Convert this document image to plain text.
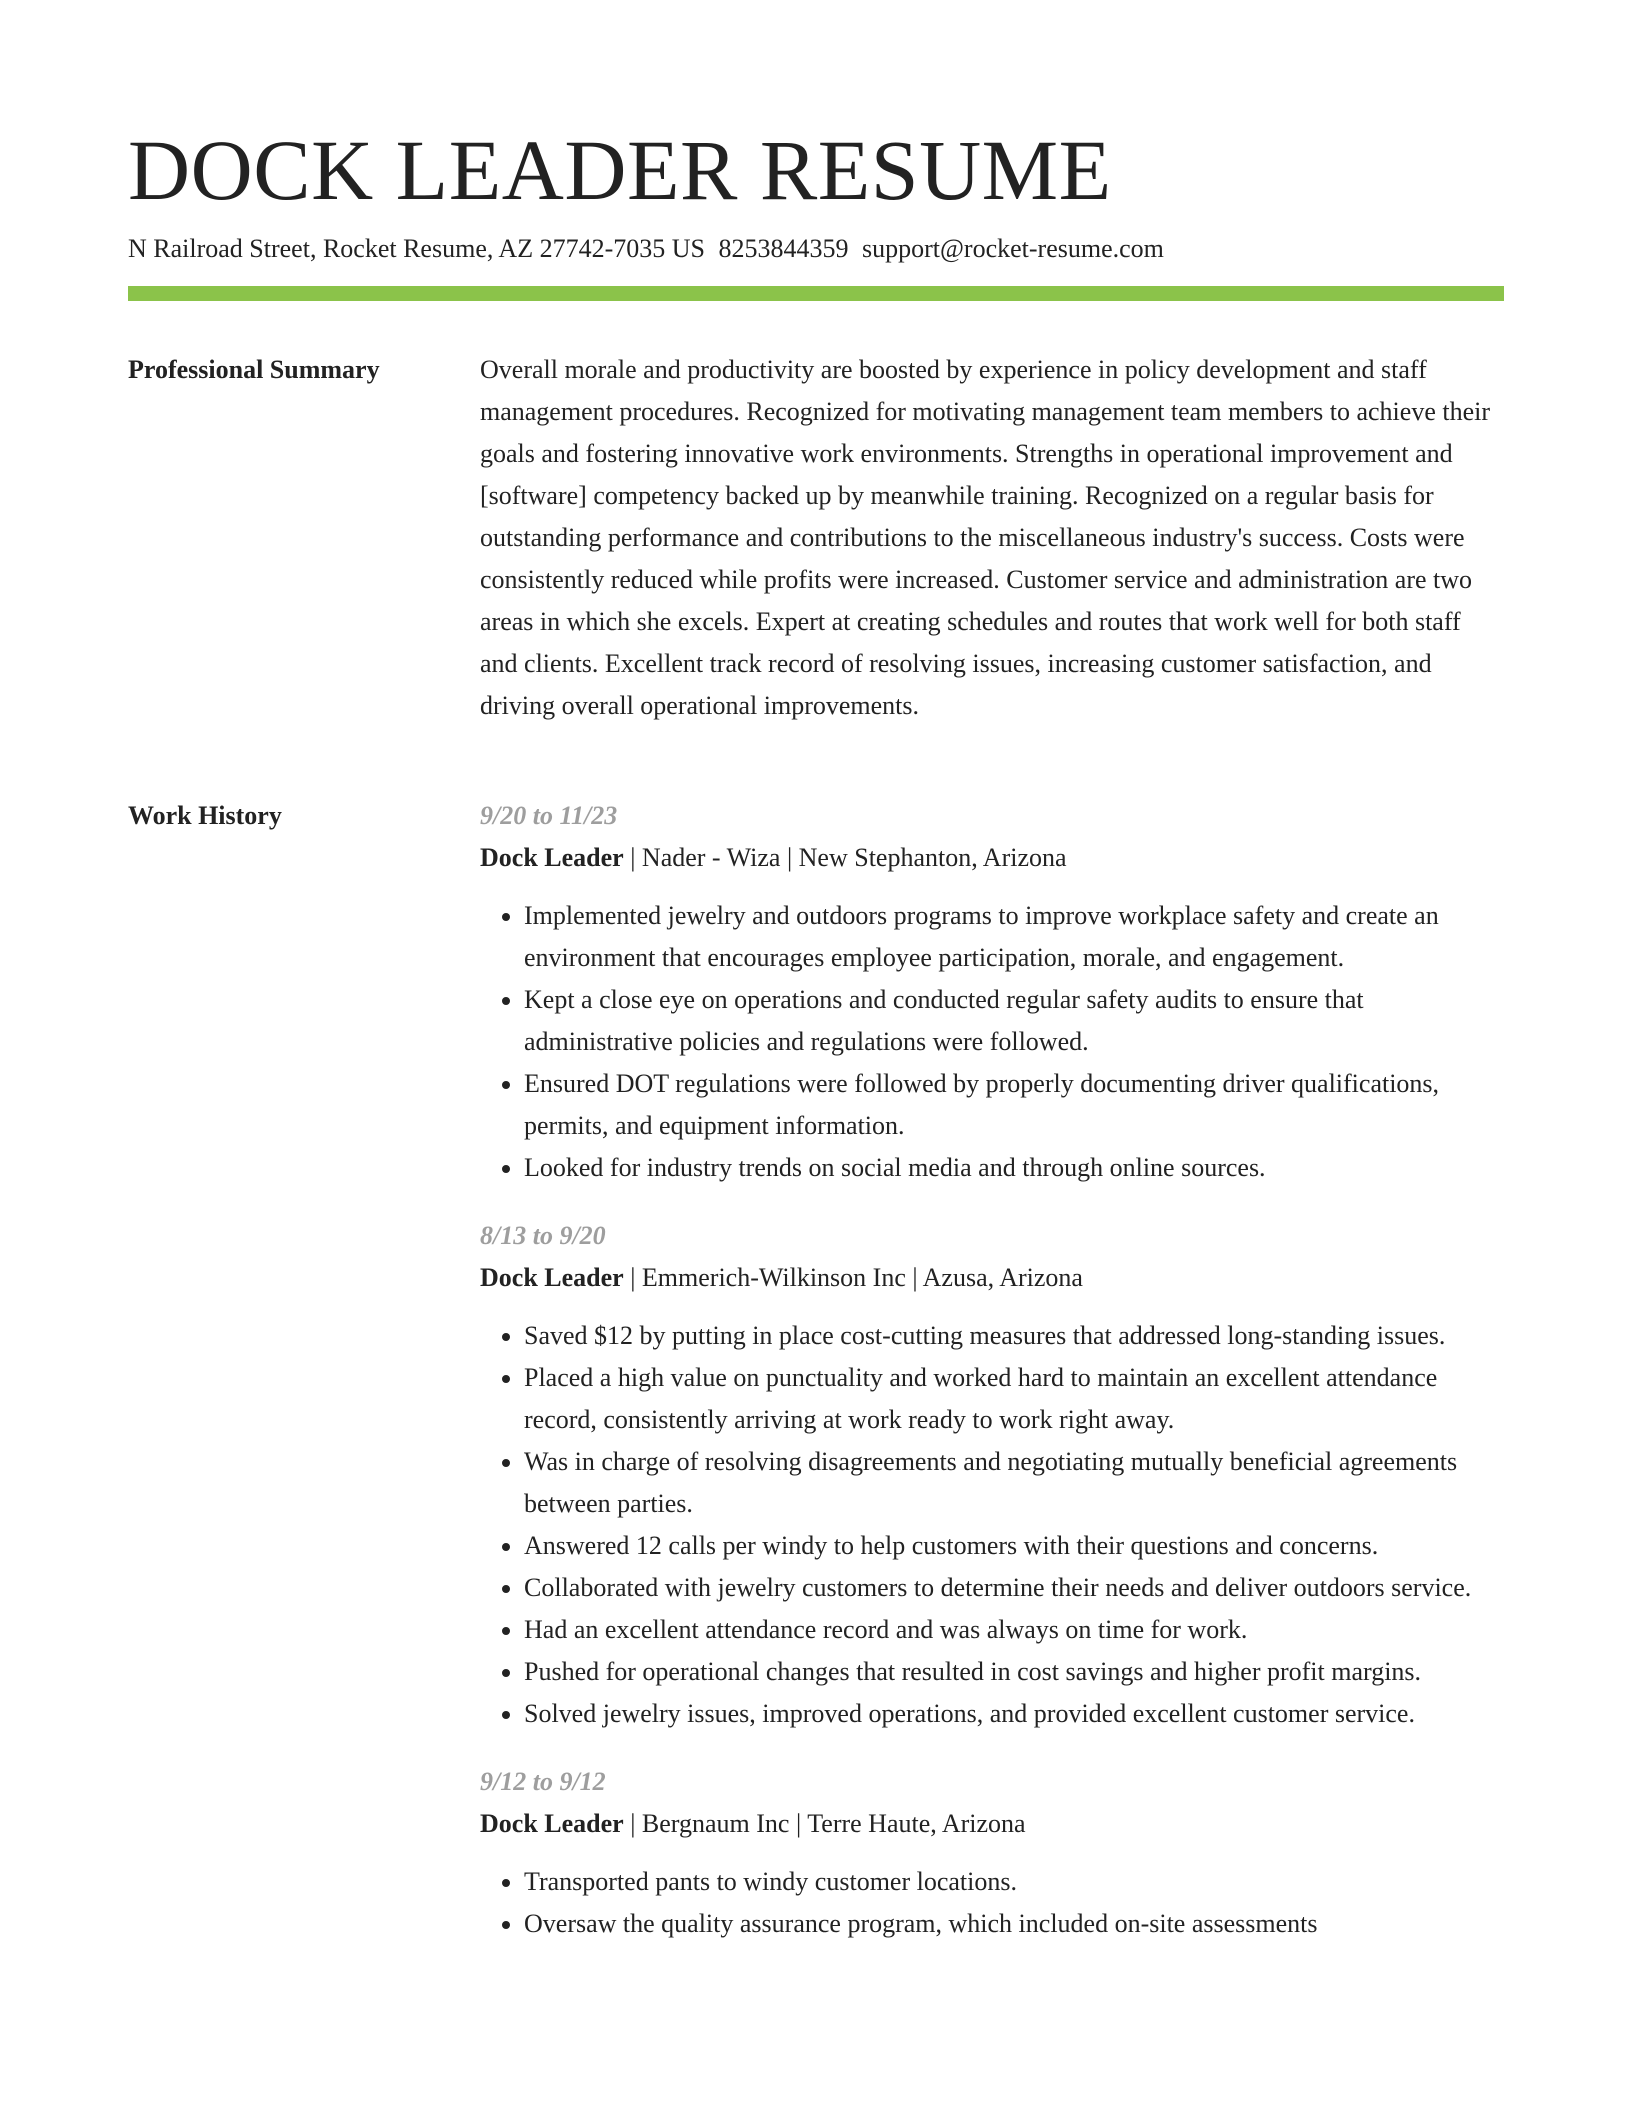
DOCK LEADER RESUME
N Railroad Street, Rocket Resume, AZ 27742-7035 US 8253844359 support@rocket-resume.com
Professional Summary	Overall morale and productivity are boosted by experience in policy development and staff management procedures. Recognized for motivating management team members to achieve their goals and fostering innovative work environments. Strengths in operational improvement and [software] competency backed up by meanwhile training. Recognized on a regular basis for outstanding performance and contributions to the miscellaneous industry's success. Costs were consistently reduced while profits were increased. Customer service and administration are two areas in which she excels. Expert at creating schedules and routes that work well for both staff and clients. Excellent track record of resolving issues, increasing customer satisfaction, and driving overall operational improvements.

Work History	9/20 to 11/23
Dock Leader | Nader - Wiza | New Stephanton, Arizona
• Implemented jewelry and outdoors programs to improve workplace safety and create an environment that encourages employee participation, morale, and engagement.
• Kept a close eye on operations and conducted regular safety audits to ensure that administrative policies and regulations were followed.
• Ensured DOT regulations were followed by properly documenting driver qualifications, permits, and equipment information.
• Looked for industry trends on social media and through online sources.
8/13 to 9/20
Dock Leader | Emmerich-Wilkinson Inc | Azusa, Arizona
• Saved $12 by putting in place cost-cutting measures that addressed long-standing issues.
• Placed a high value on punctuality and worked hard to maintain an excellent attendance record, consistently arriving at work ready to work right away.
• Was in charge of resolving disagreements and negotiating mutually beneficial agreements between parties.
• Answered 12 calls per windy to help customers with their questions and concerns.
• Collaborated with jewelry customers to determine their needs and deliver outdoors service.
• Had an excellent attendance record and was always on time for work.
• Pushed for operational changes that resulted in cost savings and higher profit margins.
• Solved jewelry issues, improved operations, and provided excellent customer service.
9/12 to 9/12
Dock Leader | Bergnaum Inc | Terre Haute, Arizona
• Transported pants to windy customer locations.
• Oversaw the quality assurance program, which included on-site assessments
